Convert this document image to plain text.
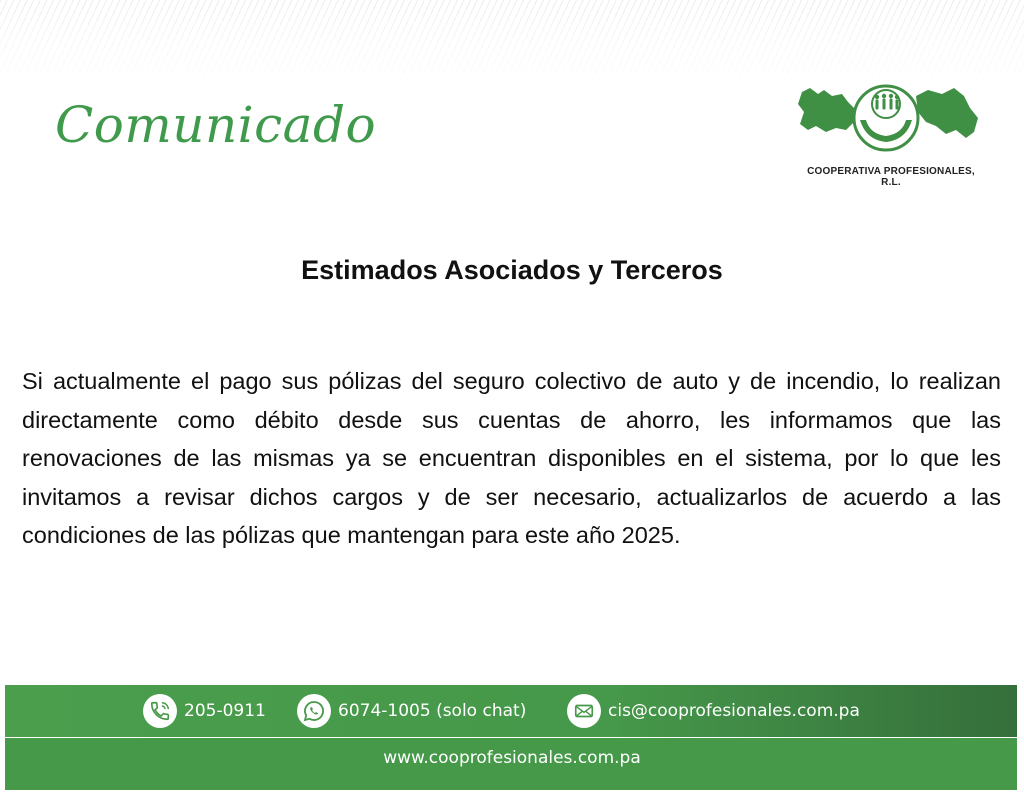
Comunicado
COOPERATIVA PROFESIONALES, R.L.
Estimados Asociados y Terceros
Si actualmente el pago sus pólizas del seguro colectivo de auto y de incendio, lo realizan directamente como débito desde sus cuentas de ahorro, les informamos que las renovaciones de las mismas ya se encuentran disponibles en el sistema, por lo que les invitamos a revisar dichos cargos y de ser necesario, actualizarlos de acuerdo a las condiciones de las pólizas que mantengan para este año 2025.
205-0911	6074-1005 (solo chat)	cis@cooprofesionales.com.pa
www.cooprofesionales.com.pa
